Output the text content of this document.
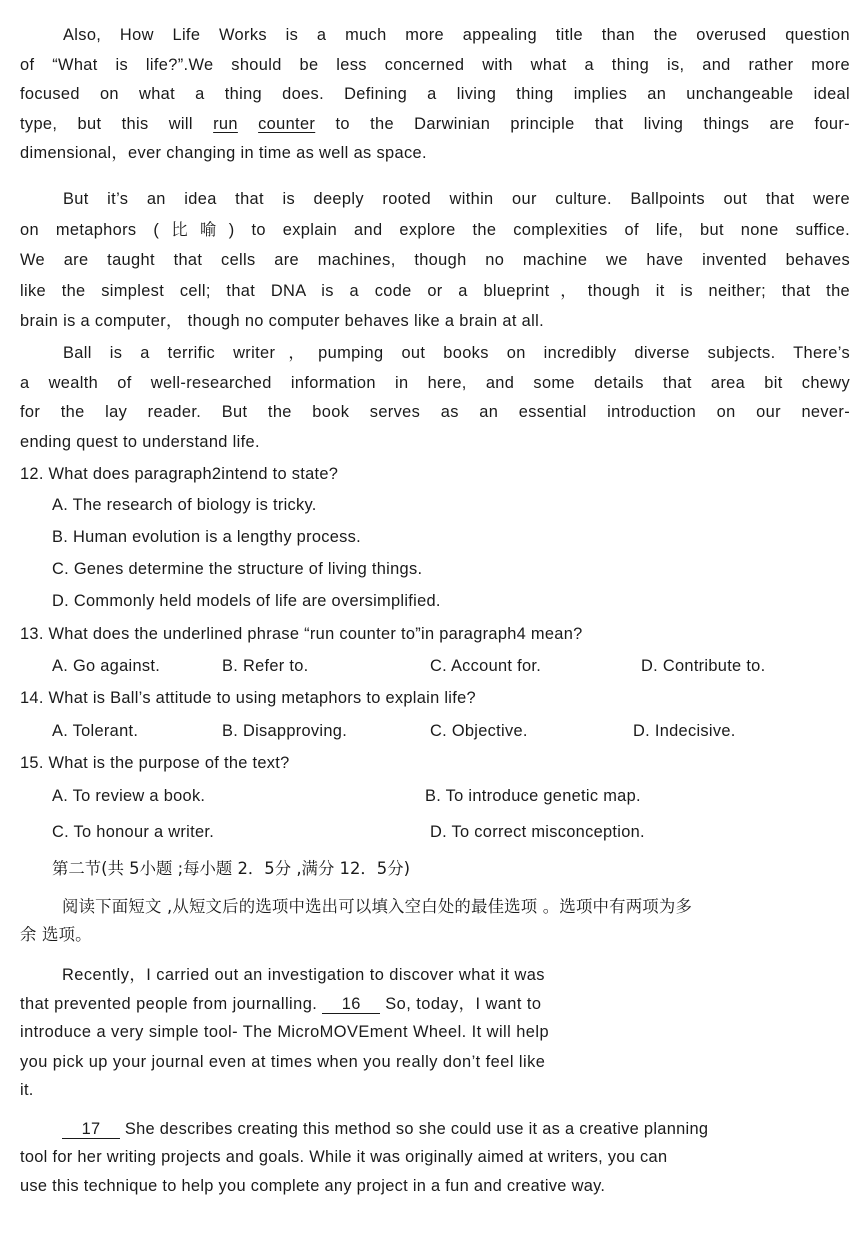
Also, How Life Works is a much more appealing title than the overused question
of “What is life?”.We should be less concerned with what a thing is, and rather more
focused on what a thing does. Defining a living thing implies an unchangeable ideal
type, but this will run counter to the Darwinian principle that living things are four-
dimensional，ever changing in time as well as space.
But it’s an idea that is deeply rooted within our culture. Ballpoints out that were
on metaphors (比喻) to explain and explore the complexities of life, but none suffice.
We are taught that cells are machines, though no machine we have invented behaves
like the simplest cell; that DNA is a code or a blueprint，though it is neither; that the
brain is a computer， though no computer behaves like a brain at all.
Ball is a terrific writer，pumping out books on incredibly diverse subjects. There’s
a wealth of well-researched information in here, and some details that area bit chewy
for the lay reader. But the book serves as an essential introduction on our never-
ending quest to understand life.
12. What does paragraph2intend to state?
A. The research of biology is tricky.
B. Human evolution is a lengthy process.
C. Genes determine the structure of living things.
D. Commonly held models of life are oversimplified.
13. What does the underlined phrase “run counter to”in paragraph4 mean?
A. Go against.	B. Refer to.	C. Account for.	D. Contribute to.
14. What is Ball’s attitude to using metaphors to explain life?
A. Tolerant.	B. Disapproving.	C. Objective.	D. Indecisive.
15. What is the purpose of the text?
A. To review a book.	B. To introduce genetic map.
C. To honour a writer.	D. To correct misconception.
第二节(共 5小题 ;每小题 2．5分 ,满分 12．5分)
阅读下面短文 ,从短文后的选项中选出可以填入空白处的最佳选项 。选项中有两项为多
余 选项。
Recently，I carried out an investigation to discover what it was
that prevented people from journalling. 16 So, today，I want to
introduce a very simple tool- The MicroMOVEment Wheel. It will help
you pick up your journal even at times when you really don’t feel like
it.
17 She describes creating this method so she could use it as a creative planning
tool for her writing projects and goals. While it was originally aimed at writers, you can
use this technique to help you complete any project in a fun and creative way.
